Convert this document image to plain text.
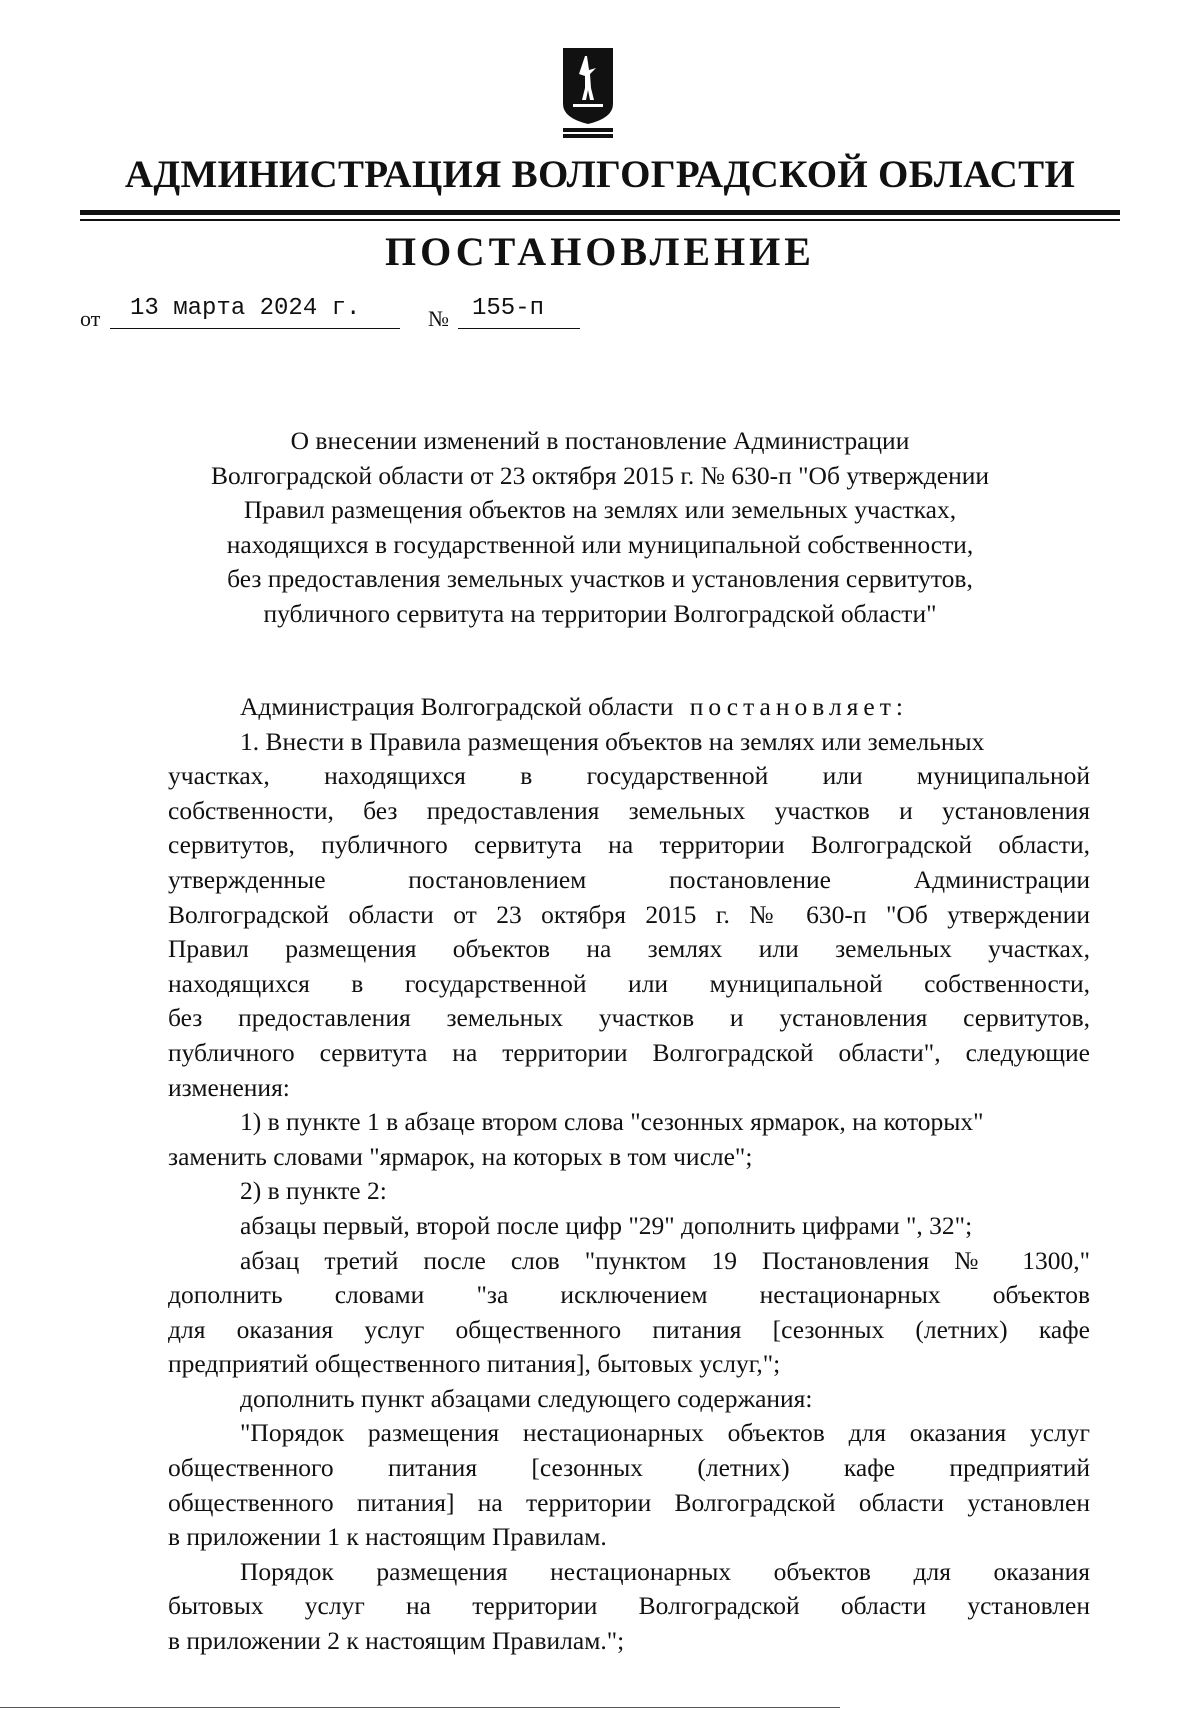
АДМИНИСТРАЦИЯ ВОЛГОГРАДСКОЙ ОБЛАСТИ
ПОСТАНОВЛЕНИЕ
от 13 марта 2024 г.	№ 155-п
О внесении изменений в постановление Администрации
Волгоградской области от 23 октября 2015 г. № 630-п "Об утверждении
Правил размещения объектов на землях или земельных участках,
находящихся в государственной или муниципальной собственности,
без предоставления земельных участков и установления сервитутов,
публичного сервитута на территории Волгоградской области"
Администрация Волгоградской области постановляет:
1. Внести в Правила размещения объектов на землях или земельных
участках, находящихся в государственной или муниципальной
собственности, без предоставления земельных участков и установления
сервитутов, публичного сервитута на территории Волгоградской области,
утвержденные постановлением постановление Администрации
Волгоградской области от 23 октября 2015 г. № 630-п "Об утверждении
Правил размещения объектов на землях или земельных участках,
находящихся в государственной или муниципальной собственности,
без предоставления земельных участков и установления сервитутов,
публичного сервитута на территории Волгоградской области", следующие
изменения:
1) в пункте 1 в абзаце втором слова "сезонных ярмарок, на которых"
заменить словами "ярмарок, на которых в том числе";
2) в пункте 2:
абзацы первый, второй после цифр "29" дополнить цифрами ", 32";
абзац третий после слов "пунктом 19 Постановления № 1300,"
дополнить словами "за исключением нестационарных объектов
для оказания услуг общественного питания [сезонных (летних) кафе
предприятий общественного питания], бытовых услуг,";
дополнить пункт абзацами следующего содержания:
"Порядок размещения нестационарных объектов для оказания услуг
общественного питания [сезонных (летних) кафе предприятий
общественного питания] на территории Волгоградской области установлен
в приложении 1 к настоящим Правилам.
Порядок размещения нестационарных объектов для оказания
бытовых услуг на территории Волгоградской области установлен
в приложении 2 к настоящим Правилам.";
